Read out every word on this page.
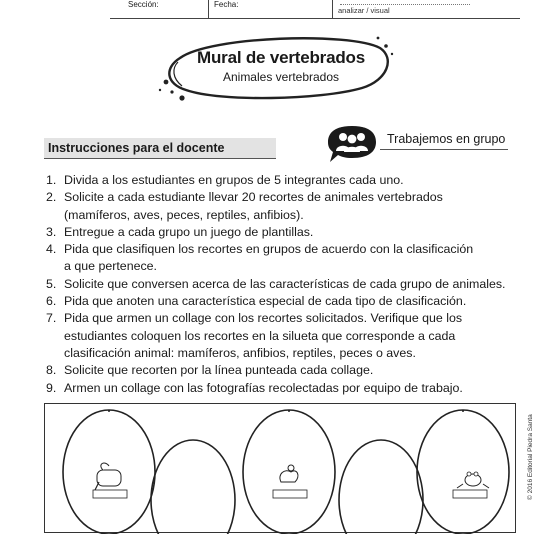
Sección:	Fecha:
analizar / visual
Mural de vertebrados
Animales vertebrados
Instrucciones para el docente
Trabajemos en grupo
1. Divida a los estudiantes en grupos de 5 integrantes cada uno.
2. Solicite a cada estudiante llevar 20 recortes de animales vertebrados
(mamíferos, aves, peces, reptiles, anfibios).
3. Entregue a cada grupo un juego de plantillas.
4. Pida que clasifiquen los recortes en grupos de acuerdo con la clasificación
a que pertenece.
5. Solicite que conversen acerca de las características de cada grupo de animales.
6. Pida que anoten una característica especial de cada tipo de clasificación.
7. Pida que armen un collage con los recortes solicitados. Verifique que los
estudiantes coloquen los recortes en la silueta que corresponde a cada
clasificación animal: mamíferos, anfibios, reptiles, peces o aves.
8. Solicite que recorten por la línea punteada cada collage.
9. Armen un collage con las fotografías recolectadas por equipo de trabajo.
© 2016 Editorial Piedra Santa
